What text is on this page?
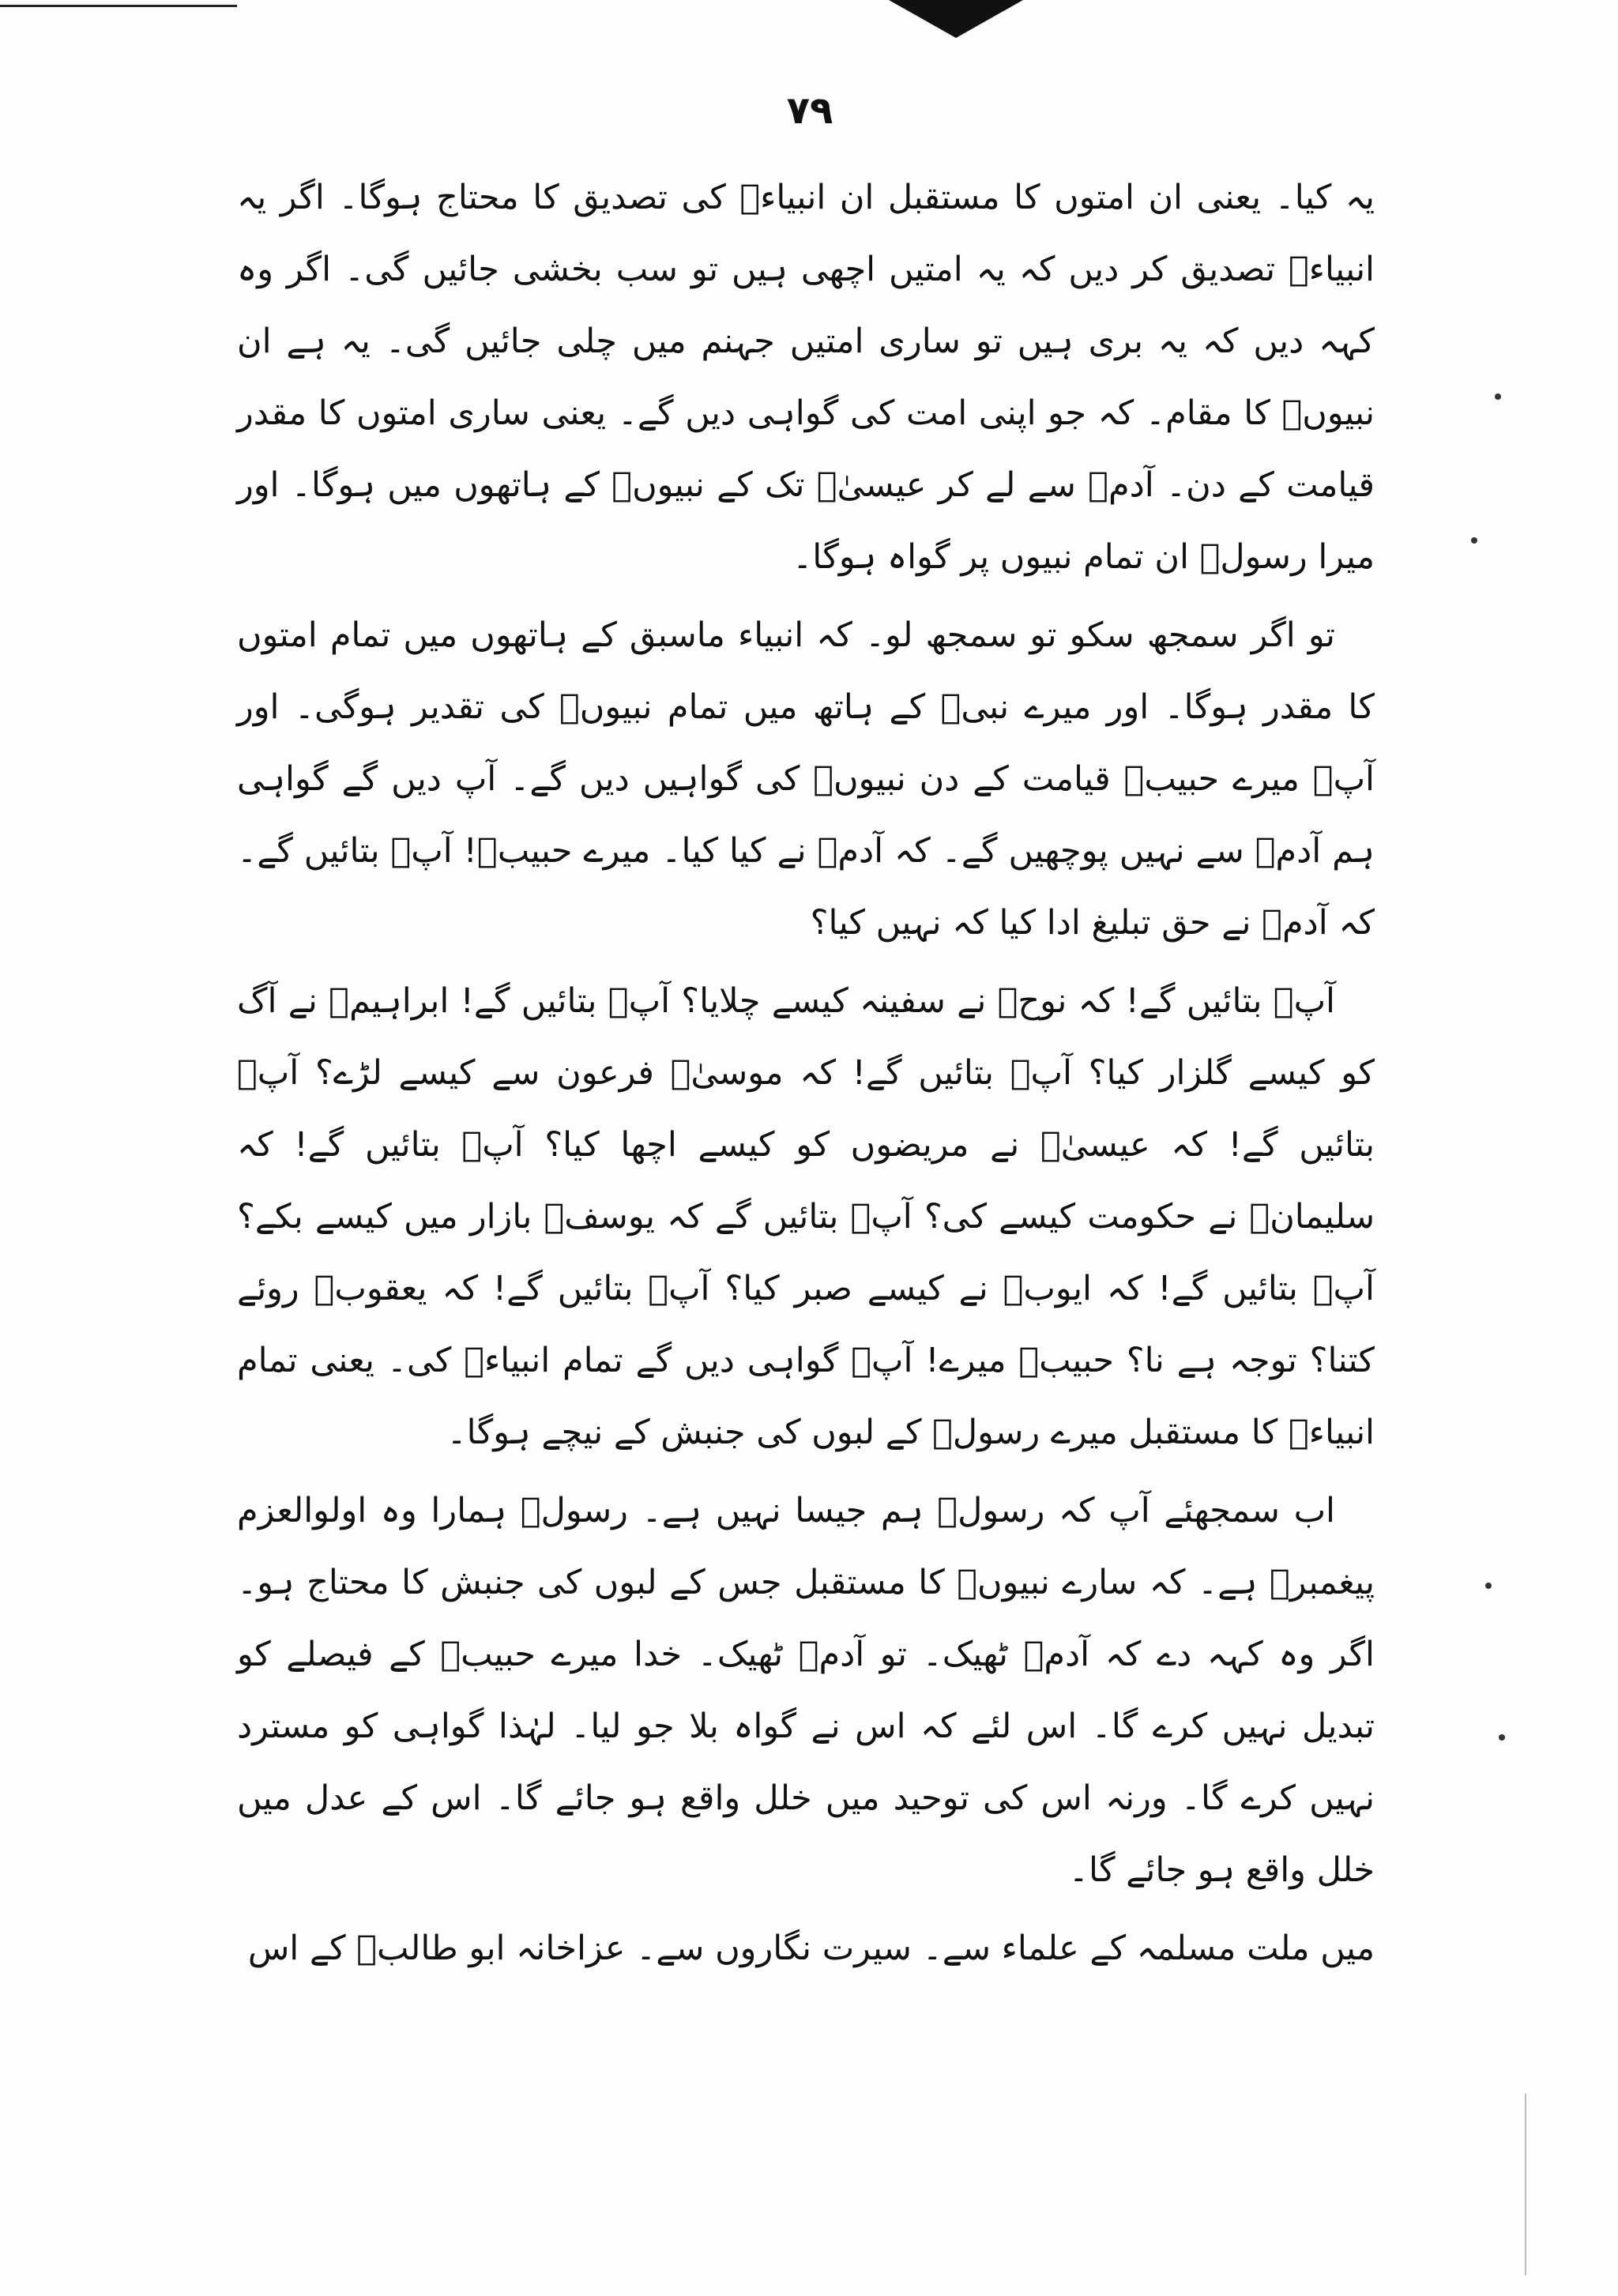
۷۹

یہ کیا۔ یعنی ان امتوں کا مستقبل ان انبیاءؑ کی تصدیق کا محتاج ہوگا۔ اگر یہ انبیاءؑ تصدیق کر دیں کہ یہ امتیں اچھی ہیں تو سب بخشی جائیں گی۔ اگر وہ کہہ دیں کہ یہ بری ہیں تو ساری امتیں جہنم میں چلی جائیں گی۔ یہ ہے ان نبیوںؑ کا مقام۔ کہ جو اپنی امت کی گواہی دیں گے۔ یعنی ساری امتوں کا مقدر قیامت کے دن۔ آدمؑ سے لے کر عیسیٰؑ تک کے نبیوںؑ کے ہاتھوں میں ہوگا۔ اور میرا رسولؐ ان تمام نبیوں پر گواہ ہوگا۔

تو اگر سمجھ سکو تو سمجھ لو۔ کہ انبیاء ماسبق کے ہاتھوں میں تمام امتوں کا مقدر ہوگا۔ اور میرے نبیؐ کے ہاتھ میں تمام نبیوںؑ کی تقدیر ہوگی۔ اور آپؐ میرے حبیبؐ قیامت کے دن نبیوںؑ کی گواہیں دیں گے۔ آپ دیں گے گواہی ہم آدمؑ سے نہیں پوچھیں گے۔ کہ آدمؑ نے کیا کیا۔ میرے حبیبؐ! آپؐ بتائیں گے۔ کہ آدمؑ نے حق تبلیغ ادا کیا کہ نہیں کیا؟

آپؐ بتائیں گے! کہ نوحؑ نے سفینہ کیسے چلایا؟ آپؐ بتائیں گے! ابراہیمؑ نے آگ کو کیسے گلزار کیا؟ آپؐ بتائیں گے! کہ موسیٰؑ فرعون سے کیسے لڑے؟ آپؐ بتائیں گے! کہ عیسیٰؑ نے مریضوں کو کیسے اچھا کیا؟ آپؐ بتائیں گے! کہ سلیمانؑ نے حکومت کیسے کی؟ آپؐ بتائیں گے کہ یوسفؑ بازار میں کیسے بکے؟ آپؐ بتائیں گے! کہ ایوبؑ نے کیسے صبر کیا؟ آپؐ بتائیں گے! کہ یعقوبؑ روئے کتنا؟ توجہ ہے نا؟ حبیبؐ میرے! آپؐ گواہی دیں گے تمام انبیاءؑ کی۔ یعنی تمام انبیاءؑ کا مستقبل میرے رسولؐ کے لبوں کی جنبش کے نیچے ہوگا۔

اب سمجھئے آپ کہ رسولؐ ہم جیسا نہیں ہے۔ رسولؐ ہمارا وہ اولوالعزم پیغمبرؐ ہے۔ کہ سارے نبیوںؑ کا مستقبل جس کے لبوں کی جنبش کا محتاج ہو۔ اگر وہ کہہ دے کہ آدمؑ ٹھیک۔ تو آدمؑ ٹھیک۔ خدا میرے حبیبؐ کے فیصلے کو تبدیل نہیں کرے گا۔ اس لئے کہ اس نے گواہ بلا جو لیا۔ لہٰذا گواہی کو مسترد نہیں کرے گا۔ ورنہ اس کی توحید میں خلل واقع ہو جائے گا۔ اس کے عدل میں خلل واقع ہو جائے گا۔

میں ملت مسلمہ کے علماء سے۔ سیرت نگاروں سے۔ عزاخانہ ابو طالبؑ کے اس
